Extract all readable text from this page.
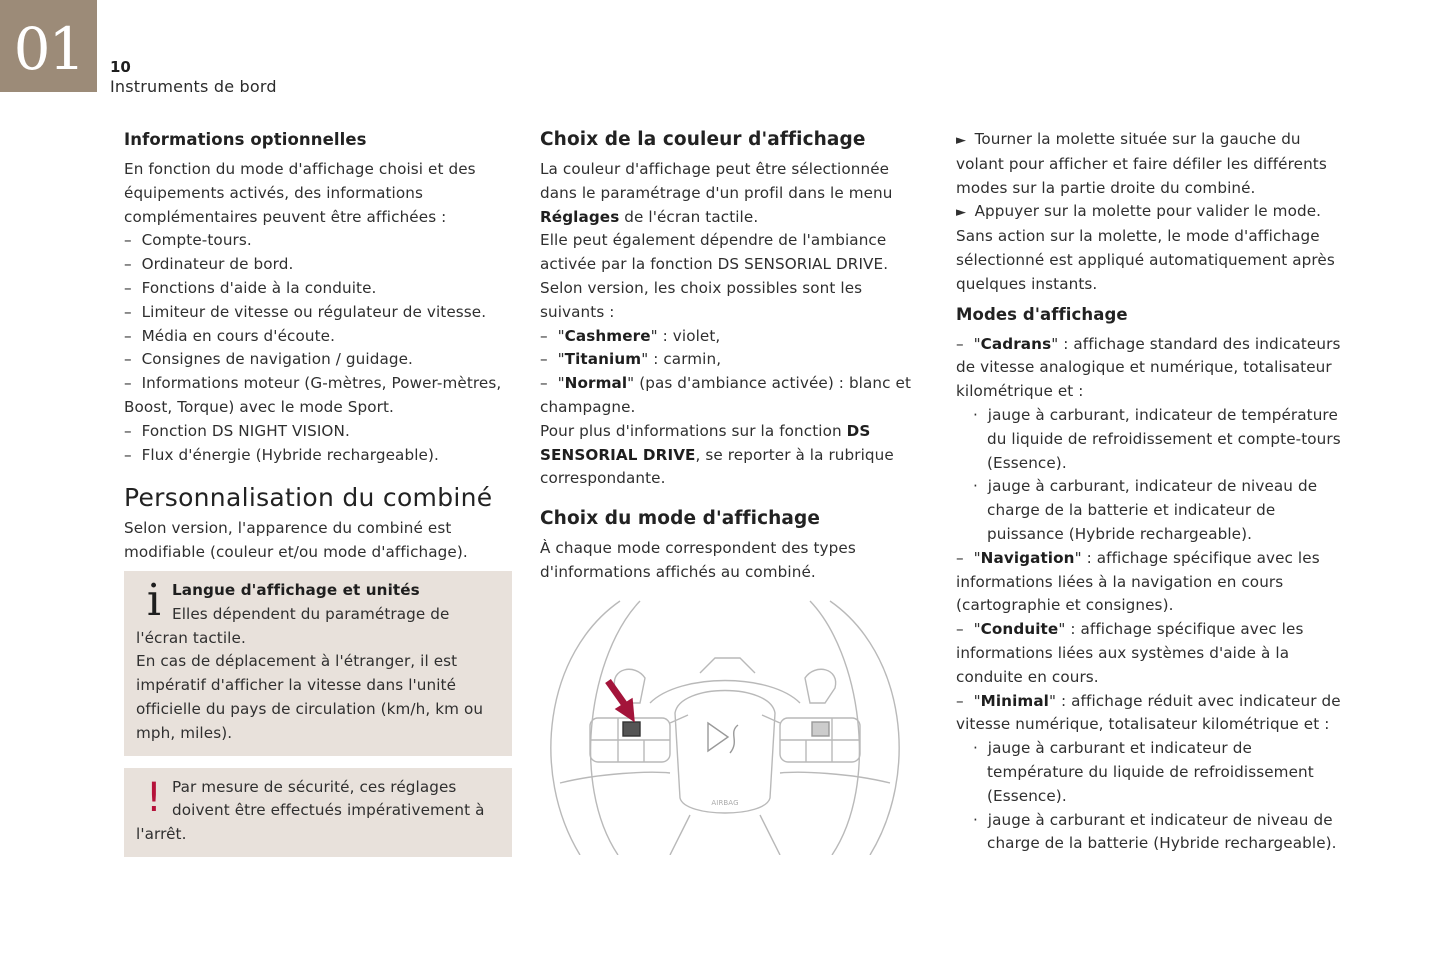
01	10
Instruments de bord
Informations optionnelles

En fonction du mode d'affichage choisi et des équipements activés, des informations complémentaires peuvent être affichées :

–  Compte-tours.

–  Ordinateur de bord.

–  Fonctions d'aide à la conduite.

–  Limiteur de vitesse ou régulateur de vitesse.

–  Média en cours d'écoute.

–  Consignes de navigation / guidage.

–  Informations moteur (G-mètres, Power-mètres, Boost, Torque) avec le mode Sport.

–  Fonction DS NIGHT VISION.

–  Flux d'énergie (Hybride rechargeable).

Personnalisation du combiné

Selon version, l'apparence du combiné est modifiable (couleur et/ou mode d'affichage).

i Langue d'affichage et unités

Elles dépendent du paramétrage de l'écran tactile.

En cas de déplacement à l'étranger, il est impératif d'afficher la vitesse dans l'unité officielle du pays de circulation (km/h, km ou mph, miles).

! Par mesure de sécurité, ces réglages doivent être effectués impérativement à l'arrêt.

Choix de la couleur d'affichage

La couleur d'affichage peut être sélectionnée dans le paramétrage d'un profil dans le menu Réglages de l'écran tactile.

Elle peut également dépendre de l'ambiance activée par la fonction DS SENSORIAL DRIVE.

Selon version, les choix possibles sont les suivants :

–  "Cashmere" : violet,

–  "Titanium" : carmin,

–  "Normal" (pas d'ambiance activée) : blanc et champagne.

Pour plus d'informations sur la fonction DS SENSORIAL DRIVE, se reporter à la rubrique correspondante.

Choix du mode d'affichage

À chaque mode correspondent des types d'informations affichés au combiné.

AIRBAG

►  Tourner la molette située sur la gauche du volant pour afficher et faire défiler les différents modes sur la partie droite du combiné.

►  Appuyer sur la molette pour valider le mode.

Sans action sur la molette, le mode d'affichage sélectionné est appliqué automatiquement après quelques instants.

Modes d'affichage

–  "Cadrans" : affichage standard des indicateurs de vitesse analogique et numérique, totalisateur kilométrique et :

·  jauge à carburant, indicateur de température du liquide de refroidissement et compte-tours (Essence).

·  jauge à carburant, indicateur de niveau de charge de la batterie et indicateur de puissance (Hybride rechargeable).

–  "Navigation" : affichage spécifique avec les informations liées à la navigation en cours (cartographie et consignes).

–  "Conduite" : affichage spécifique avec les informations liées aux systèmes d'aide à la conduite en cours.

–  "Minimal" : affichage réduit avec indicateur de vitesse numérique, totalisateur kilométrique et :

·  jauge à carburant et indicateur de température du liquide de refroidissement (Essence).

·  jauge à carburant et indicateur de niveau de charge de la batterie (Hybride rechargeable).
